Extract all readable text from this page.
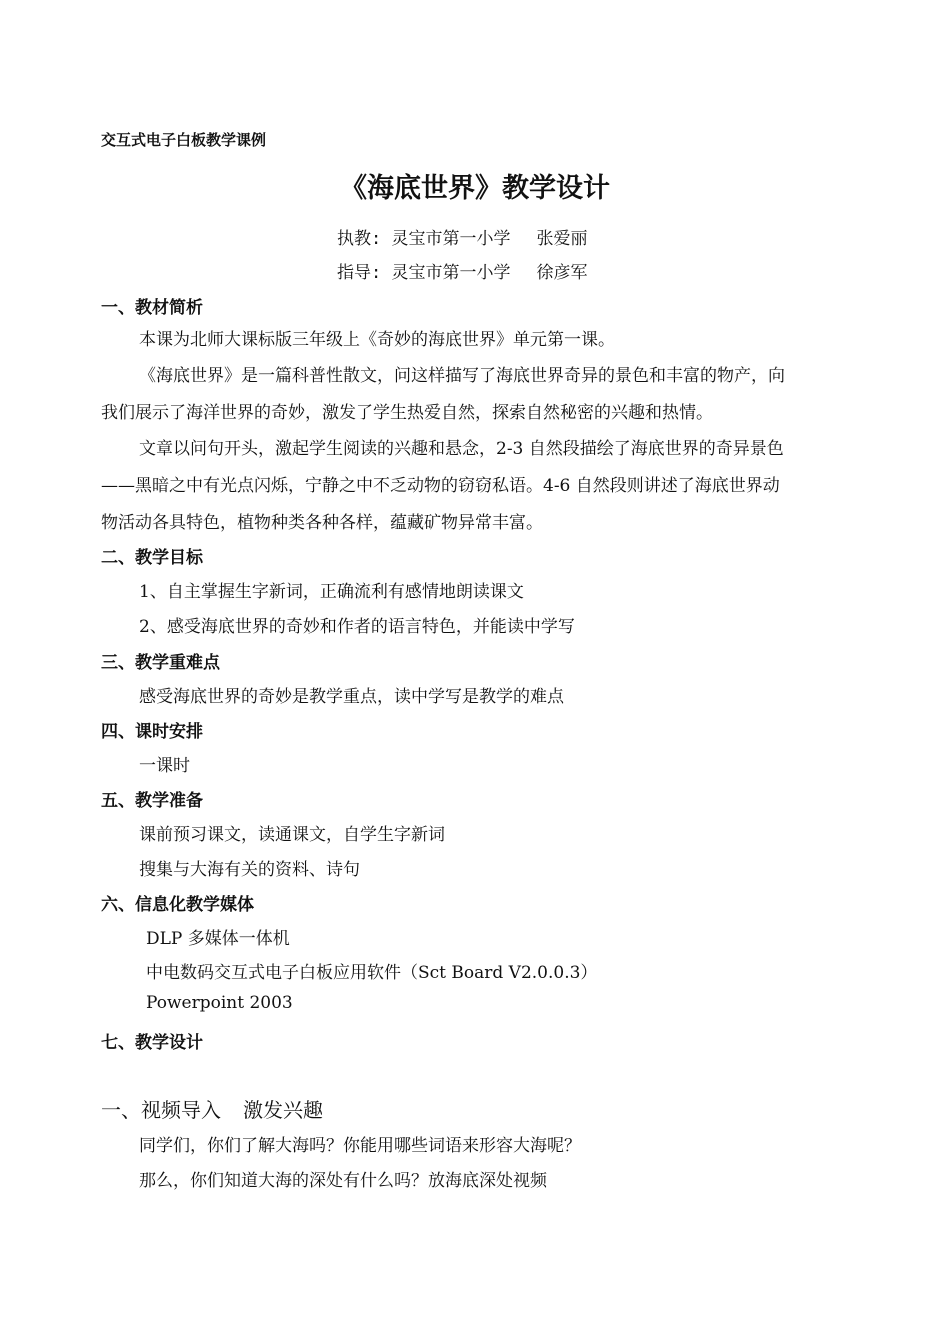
交互式电子白板教学课例
《海底世界》教学设计
执教: 灵宝市第一小学 张爱丽
指导: 灵宝市第一小学 徐彦军
一、教材简析
本课为北师大课标版三年级上《奇妙的海底世界》单元第一课。
《海底世界》是一篇科普性散文，问这样描写了海底世界奇异的景色和丰富的物产，向
我们展示了海洋世界的奇妙，激发了学生热爱自然，探索自然秘密的兴趣和热情。
文章以问句开头，激起学生阅读的兴趣和悬念，2-3 自然段描绘了海底世界的奇异景色
——黑暗之中有光点闪烁，宁静之中不乏动物的窃窃私语。4-6 自然段则讲述了海底世界动
物活动各具特色，植物种类各种各样，蕴藏矿物异常丰富。
二、教学目标
1、自主掌握生字新词，正确流利有感情地朗读课文
2、感受海底世界的奇妙和作者的语言特色，并能读中学写
三、教学重难点
感受海底世界的奇妙是教学重点，读中学写是教学的难点
四、课时安排
一课时
五、教学准备
课前预习课文，读通课文，自学生字新词
搜集与大海有关的资料、诗句
六、信息化教学媒体
DLP 多媒体一体机
中电数码交互式电子白板应用软件（Sct Board V2.0.0.3）
Powerpoint 2003
七、教学设计
一、视频导入 激发兴趣
同学们，你们了解大海吗？你能用哪些词语来形容大海呢？
那么，你们知道大海的深处有什么吗？放海底深处视频
